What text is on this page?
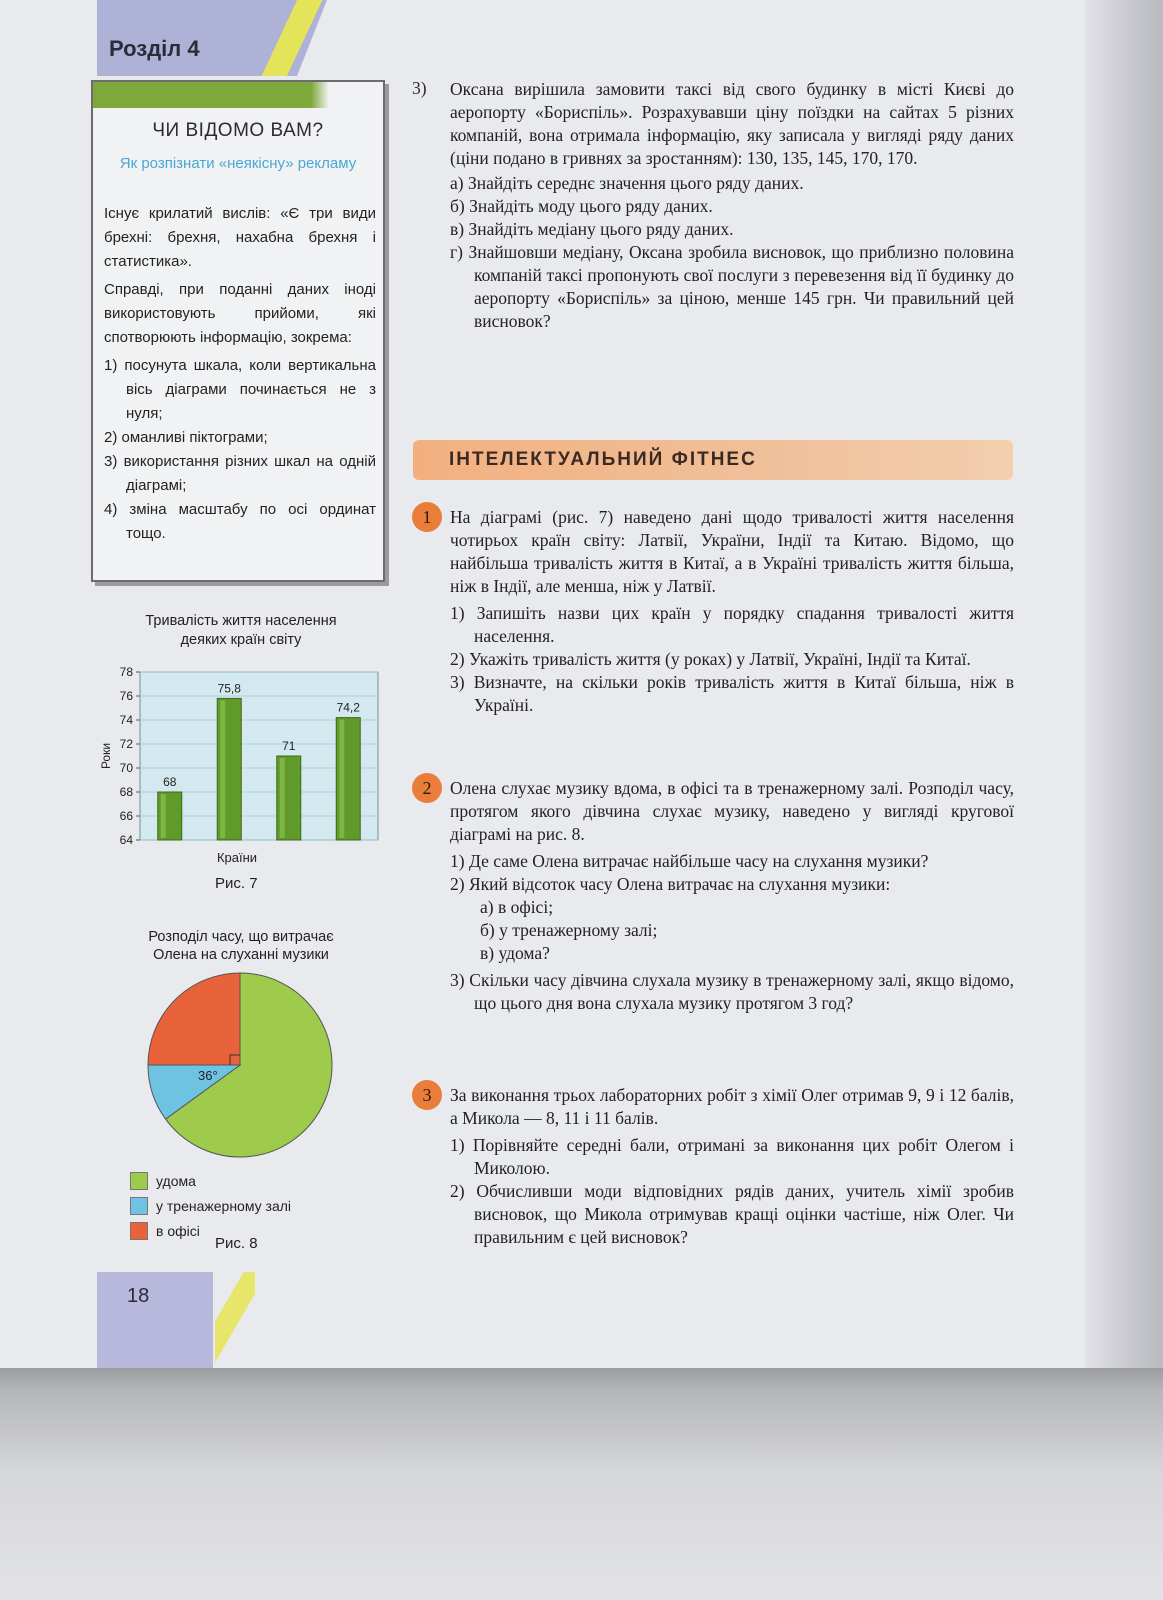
Розділ 4
ЧИ ВІДОМО ВАМ?
Як розпізнати «неякісну» рекламу

Існує крилатий вислів: «Є три види брехні: брехня, нахабна брехня і статистика».

Справді, при поданні даних іноді використовують прийоми, які спотворюють інформацію, зокрема:

1) посунута шкала, коли вертикальна вісь діаграми починається не з нуля;

2) оманливі піктограми;

3) використання різних шкал на одній діаграмі;

4) зміна масштабу по осі ординат тощо.

Тривалість життя населення
деяких країн світу
64
66
68
70
72
74
76
78
68
75,8
71
74,2
Роки
Країни
Рис. 7
Розподіл часу, що витрачає
Олена на слуханні музики
36°
удома
у тренажерному залі
в офісі
Рис. 8
18
3) Оксана вирішила замовити таксі від свого будинку в місті Києві до аеропорту «Бориспіль». Розрахувавши ціну поїздки на сайтах 5 різних компаній, вона отримала інформацію, яку записала у вигляді ряду даних (ціни подано в гривнях за зростанням): 130, 135, 145, 170, 170.
а) Знайдіть середнє значення цього ряду даних.
б) Знайдіть моду цього ряду даних.
в) Знайдіть медіану цього ряду даних.
г) Знайшовши медіану, Оксана зробила висновок, що приблизно половина компаній таксі пропонують свої послуги з перевезення від її будинку до аеропорту «Бориспіль» за ціною, менше 145 грн. Чи правильний цей висновок?
ІНТЕЛЕКТУАЛЬНИЙ ФІТНЕС
1	На діаграмі (рис. 7) наведено дані щодо тривалості життя населення чотирьох країн світу: Латвії, України, Індії та Китаю. Відомо, що найбільша тривалість життя в Китаї, а в Україні тривалість життя більша, ніж в Індії, але менша, ніж у Латвії.
1) Запишіть назви цих країн у порядку спадання тривалості життя населення.
2) Укажіть тривалість життя (у роках) у Латвії, Україні, Індії та Китаї.
3) Визначте, на скільки років тривалість життя в Китаї більша, ніж в Україні.
2	Олена слухає музику вдома, в офісі та в тренажерному залі. Розподіл часу, протягом якого дівчина слухає музику, наведено у вигляді кругової діаграмі на рис. 8.
1) Де саме Олена витрачає найбільше часу на слухання музики?
2) Який відсоток часу Олена витрачає на слухання музики:
а) в офісі;
б) у тренажерному залі;
в) удома?
3) Скільки часу дівчина слухала музику в тренажерному залі, якщо відомо, що цього дня вона слухала музику протягом 3 год?
3	За виконання трьох лабораторних робіт з хімії Олег отримав 9, 9 і 12 балів, а Микола — 8, 11 і 11 балів.
1) Порівняйте середні бали, отримані за виконання цих робіт Олегом і Миколою.
2) Обчисливши моди відповідних рядів даних, учитель хімії зробив висновок, що Микола отримував кращі оцінки частіше, ніж Олег. Чи правильним є цей висновок?
